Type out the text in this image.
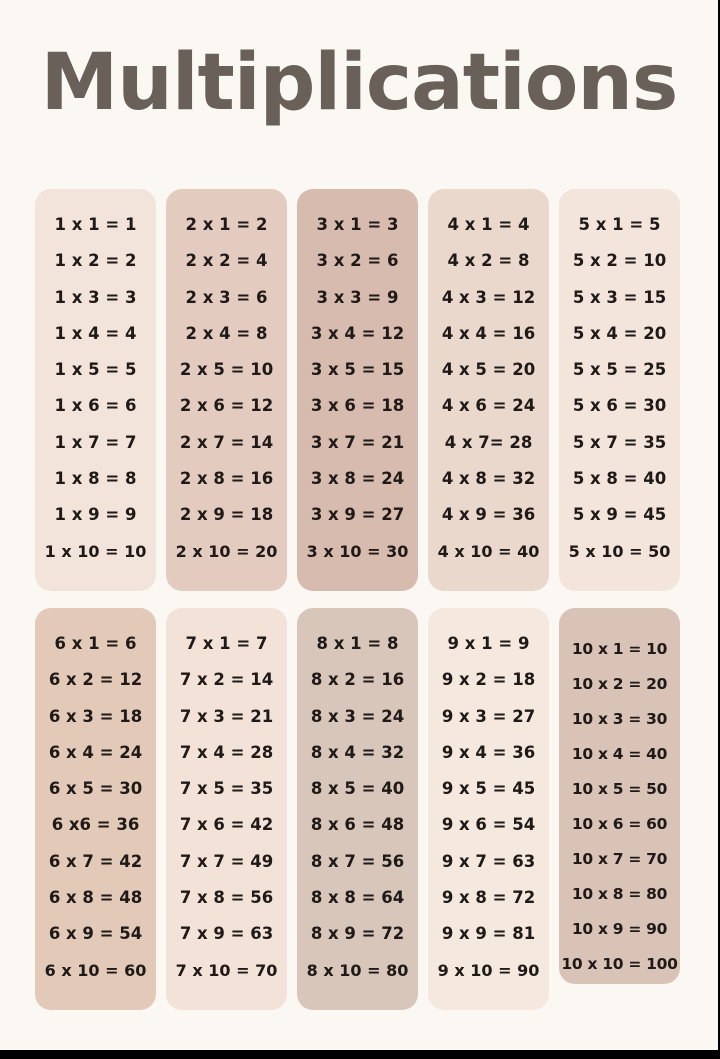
Multiplications
1 x 1 = 1
1 x 2 = 2
1 x 3 = 3
1 x 4 = 4
1 x 5 = 5
1 x 6 = 6
1 x 7 = 7
1 x 8 = 8
1 x 9 = 9
1 x 10 = 10
2 x 1 = 2
2 x 2 = 4
2 x 3 = 6
2 x 4 = 8
2 x 5 = 10
2 x 6 = 12
2 x 7 = 14
2 x 8 = 16
2 x 9 = 18
2 x 10 = 20
3 x 1 = 3
3 x 2 = 6
3 x 3 = 9
3 x 4 = 12
3 x 5 = 15
3 x 6 = 18
3 x 7 = 21
3 x 8 = 24
3 x 9 = 27
3 x 10 = 30
4 x 1 = 4
4 x 2 = 8
4 x 3 = 12
4 x 4 = 16
4 x 5 = 20
4 x 6 = 24
4 x 7= 28
4 x 8 = 32
4 x 9 = 36
4 x 10 = 40
5 x 1 = 5
5 x 2 = 10
5 x 3 = 15
5 x 4 = 20
5 x 5 = 25
5 x 6 = 30
5 x 7 = 35
5 x 8 = 40
5 x 9 = 45
5 x 10 = 50
6 x 1 = 6
6 x 2 = 12
6 x 3 = 18
6 x 4 = 24
6 x 5 = 30
6 x6 = 36
6 x 7 = 42
6 x 8 = 48
6 x 9 = 54
6 x 10 = 60
7 x 1 = 7
7 x 2 = 14
7 x 3 = 21
7 x 4 = 28
7 x 5 = 35
7 x 6 = 42
7 x 7 = 49
7 x 8 = 56
7 x 9 = 63
7 x 10 = 70
8 x 1 = 8
8 x 2 = 16
8 x 3 = 24
8 x 4 = 32
8 x 5 = 40
8 x 6 = 48
8 x 7 = 56
8 x 8 = 64
8 x 9 = 72
8 x 10 = 80
9 x 1 = 9
9 x 2 = 18
9 x 3 = 27
9 x 4 = 36
9 x 5 = 45
9 x 6 = 54
9 x 7 = 63
9 x 8 = 72
9 x 9 = 81
9 x 10 = 90
10 x 1 = 10
10 x 2 = 20
10 x 3 = 30
10 x 4 = 40
10 x 5 = 50
10 x 6 = 60
10 x 7 = 70
10 x 8 = 80
10 x 9 = 90
10 x 10 = 100
